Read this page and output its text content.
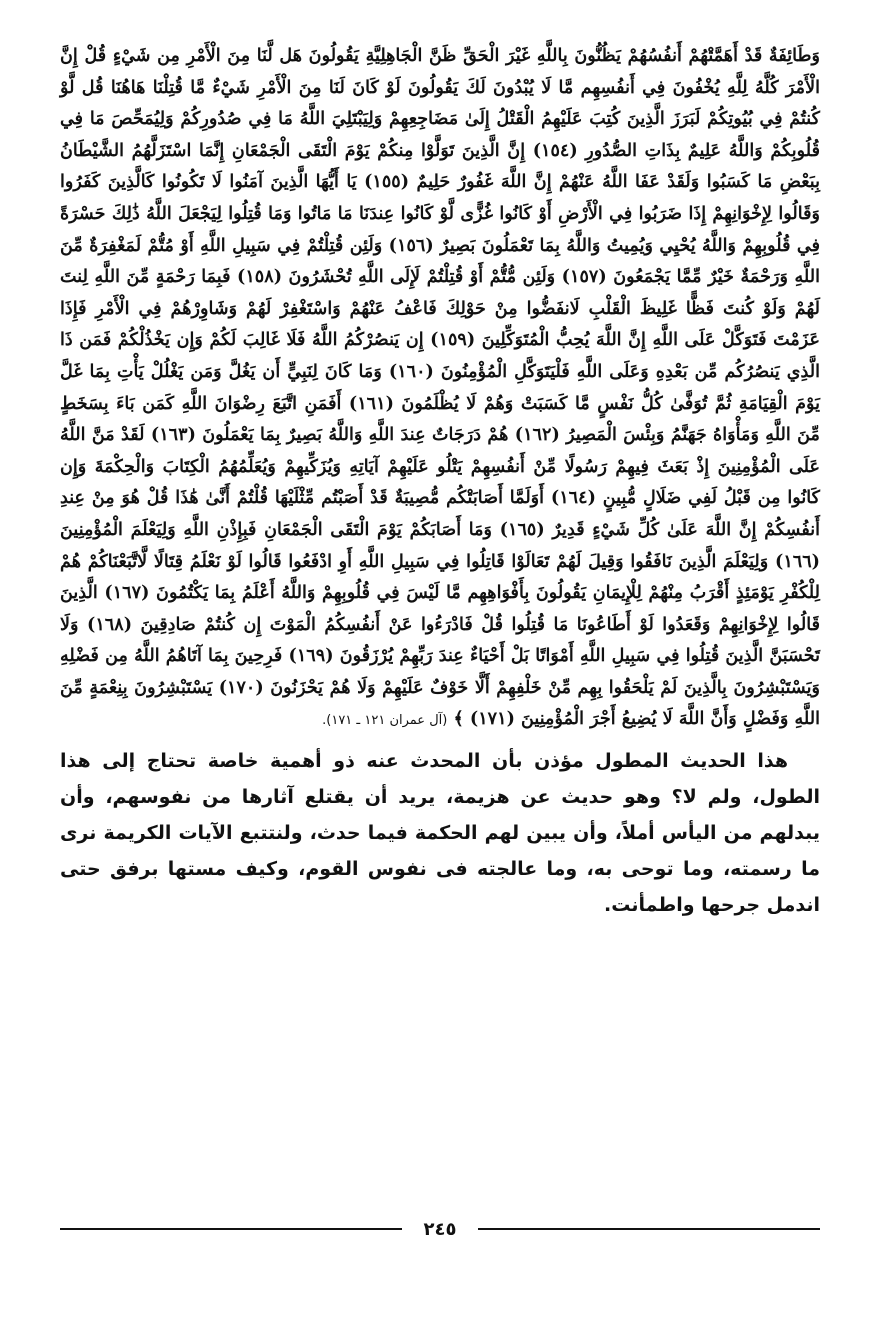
وَطَائِفَةٌ قَدْ أَهَمَّتْهُمْ أَنفُسُهُمْ يَظُنُّونَ بِاللَّهِ غَيْرَ الْحَقِّ ظَنَّ الْجَاهِلِيَّةِ يَقُولُونَ هَل لَّنَا مِنَ الْأَمْرِ مِن شَيْءٍ قُلْ إِنَّ الْأَمْرَ كُلَّهُ لِلَّهِ يُخْفُونَ فِي أَنفُسِهِم مَّا لَا يُبْدُونَ لَكَ يَقُولُونَ لَوْ كَانَ لَنَا مِنَ الْأَمْرِ شَيْءٌ مَّا قُتِلْنَا هَاهُنَا قُل لَّوْ كُنتُمْ فِي بُيُوتِكُمْ لَبَرَزَ الَّذِينَ كُتِبَ عَلَيْهِمُ الْقَتْلُ إِلَىٰ مَضَاجِعِهِمْ وَلِيَبْتَلِيَ اللَّهُ مَا فِي صُدُورِكُمْ وَلِيُمَحِّصَ مَا فِي قُلُوبِكُمْ وَاللَّهُ عَلِيمٌ بِذَاتِ الصُّدُورِ (١٥٤) إِنَّ الَّذِينَ تَوَلَّوْا مِنكُمْ يَوْمَ الْتَقَى الْجَمْعَانِ إِنَّمَا اسْتَزَلَّهُمُ الشَّيْطَانُ بِبَعْضِ مَا كَسَبُوا وَلَقَدْ عَفَا اللَّهُ عَنْهُمْ إِنَّ اللَّهَ غَفُورٌ حَلِيمٌ (١٥٥) يَا أَيُّهَا الَّذِينَ آمَنُوا لَا تَكُونُوا كَالَّذِينَ كَفَرُوا وَقَالُوا لِإِخْوَانِهِمْ إِذَا ضَرَبُوا فِي الْأَرْضِ أَوْ كَانُوا غُزًّى لَّوْ كَانُوا عِندَنَا مَا مَاتُوا وَمَا قُتِلُوا لِيَجْعَلَ اللَّهُ ذَٰلِكَ حَسْرَةً فِي قُلُوبِهِمْ وَاللَّهُ يُحْيِي وَيُمِيتُ وَاللَّهُ بِمَا تَعْمَلُونَ بَصِيرٌ (١٥٦) وَلَئِن قُتِلْتُمْ فِي سَبِيلِ اللَّهِ أَوْ مُتُّمْ لَمَغْفِرَةٌ مِّنَ اللَّهِ وَرَحْمَةٌ خَيْرٌ مِّمَّا يَجْمَعُونَ (١٥٧) وَلَئِن مُّتُّمْ أَوْ قُتِلْتُمْ لَإِلَى اللَّهِ تُحْشَرُونَ (١٥٨) فَبِمَا رَحْمَةٍ مِّنَ اللَّهِ لِنتَ لَهُمْ وَلَوْ كُنتَ فَظًّا غَلِيظَ الْقَلْبِ لَانفَضُّوا مِنْ حَوْلِكَ فَاعْفُ عَنْهُمْ وَاسْتَغْفِرْ لَهُمْ وَشَاوِرْهُمْ فِي الْأَمْرِ فَإِذَا عَزَمْتَ فَتَوَكَّلْ عَلَى اللَّهِ إِنَّ اللَّهَ يُحِبُّ الْمُتَوَكِّلِينَ (١٥٩) إِن يَنصُرْكُمُ اللَّهُ فَلَا غَالِبَ لَكُمْ وَإِن يَخْذُلْكُمْ فَمَن ذَا الَّذِي يَنصُرُكُم مِّن بَعْدِهِ وَعَلَى اللَّهِ فَلْيَتَوَكَّلِ الْمُؤْمِنُونَ (١٦٠) وَمَا كَانَ لِنَبِيٍّ أَن يَغُلَّ وَمَن يَغْلُلْ يَأْتِ بِمَا غَلَّ يَوْمَ الْقِيَامَةِ ثُمَّ تُوَفَّىٰ كُلُّ نَفْسٍ مَّا كَسَبَتْ وَهُمْ لَا يُظْلَمُونَ (١٦١) أَفَمَنِ اتَّبَعَ رِضْوَانَ اللَّهِ كَمَن بَاءَ بِسَخَطٍ مِّنَ اللَّهِ وَمَأْوَاهُ جَهَنَّمُ وَبِئْسَ الْمَصِيرُ (١٦٢) هُمْ دَرَجَاتٌ عِندَ اللَّهِ وَاللَّهُ بَصِيرٌ بِمَا يَعْمَلُونَ (١٦٣) لَقَدْ مَنَّ اللَّهُ عَلَى الْمُؤْمِنِينَ إِذْ بَعَثَ فِيهِمْ رَسُولًا مِّنْ أَنفُسِهِمْ يَتْلُو عَلَيْهِمْ آيَاتِهِ وَيُزَكِّيهِمْ وَيُعَلِّمُهُمُ الْكِتَابَ وَالْحِكْمَةَ وَإِن كَانُوا مِن قَبْلُ لَفِي ضَلَالٍ مُّبِينٍ (١٦٤) أَوَلَمَّا أَصَابَتْكُم مُّصِيبَةٌ قَدْ أَصَبْتُم مِّثْلَيْهَا قُلْتُمْ أَنَّىٰ هَٰذَا قُلْ هُوَ مِنْ عِندِ أَنفُسِكُمْ إِنَّ اللَّهَ عَلَىٰ كُلِّ شَيْءٍ قَدِيرٌ (١٦٥) وَمَا أَصَابَكُمْ يَوْمَ الْتَقَى الْجَمْعَانِ فَبِإِذْنِ اللَّهِ وَلِيَعْلَمَ الْمُؤْمِنِينَ (١٦٦) وَلِيَعْلَمَ الَّذِينَ نَافَقُوا وَقِيلَ لَهُمْ تَعَالَوْا قَاتِلُوا فِي سَبِيلِ اللَّهِ أَوِ ادْفَعُوا قَالُوا لَوْ نَعْلَمُ قِتَالًا لَّاتَّبَعْنَاكُمْ هُمْ لِلْكُفْرِ يَوْمَئِذٍ أَقْرَبُ مِنْهُمْ لِلْإِيمَانِ يَقُولُونَ بِأَفْوَاهِهِم مَّا لَيْسَ فِي قُلُوبِهِمْ وَاللَّهُ أَعْلَمُ بِمَا يَكْتُمُونَ (١٦٧) الَّذِينَ قَالُوا لِإِخْوَانِهِمْ وَقَعَدُوا لَوْ أَطَاعُونَا مَا قُتِلُوا قُلْ فَادْرَءُوا عَنْ أَنفُسِكُمُ الْمَوْتَ إِن كُنتُمْ صَادِقِينَ (١٦٨) وَلَا تَحْسَبَنَّ الَّذِينَ قُتِلُوا فِي سَبِيلِ اللَّهِ أَمْوَاتًا بَلْ أَحْيَاءٌ عِندَ رَبِّهِمْ يُرْزَقُونَ (١٦٩) فَرِحِينَ بِمَا آتَاهُمُ اللَّهُ مِن فَضْلِهِ وَيَسْتَبْشِرُونَ بِالَّذِينَ لَمْ يَلْحَقُوا بِهِم مِّنْ خَلْفِهِمْ أَلَّا خَوْفٌ عَلَيْهِمْ وَلَا هُمْ يَحْزَنُونَ (١٧٠) يَسْتَبْشِرُونَ بِنِعْمَةٍ مِّنَ اللَّهِ وَفَضْلٍ وَأَنَّ اللَّهَ لَا يُضِيعُ أَجْرَ الْمُؤْمِنِينَ (١٧١) ﴾ (آل عمران ١٢١ ـ ١٧١).

هذا الحديث المطول مؤذن بأن المحدث عنه ذو أهمية خاصة تحتاج إلى هذا الطول، ولم لا؟ وهو حديث عن هزيمة، يريد أن يقتلع آثارها من نفوسهم، وأن يبدلهم من اليأس أملاً، وأن يبين لهم الحكمة فيما حدث، ولنتتبع الآيات الكريمة نرى ما رسمته، وما توحى به، وما عالجته فى نفوس القوم، وكيف مستها برفق حتى اندمل جرحها واطمأنت.

٢٤٥
